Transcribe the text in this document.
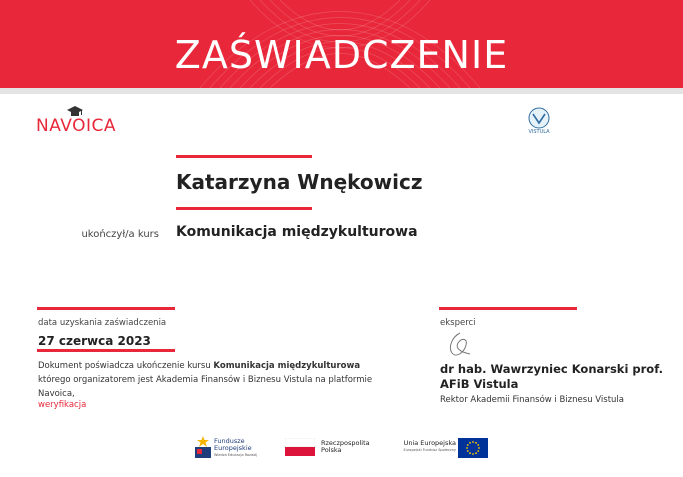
ZAŚWIADCZENIE
NAVOICA	VISTULA
Katarzyna Wnękowicz
ukończył/a kurs Komunikacja międzykulturowa
data uzyskania zaświadczenia
27 czerwca 2023
Dokument poświadcza ukończenie kursu Komunikacja międzykulturowa
którego organizatorem jest Akademia Finansów i Biznesu Vistula na platformie
Navoica,
weryfikacja
eksperci
dr hab. Wawrzyniec Konarski prof. AFiB Vistula
Rektor Akademii Finansów i Biznesu Vistula
Fundusze
Europejskie
Wiedza Edukacja Rozwój
Rzeczpospolita
Polska
Unia Europejska
Europejski Fundusz Społeczny
